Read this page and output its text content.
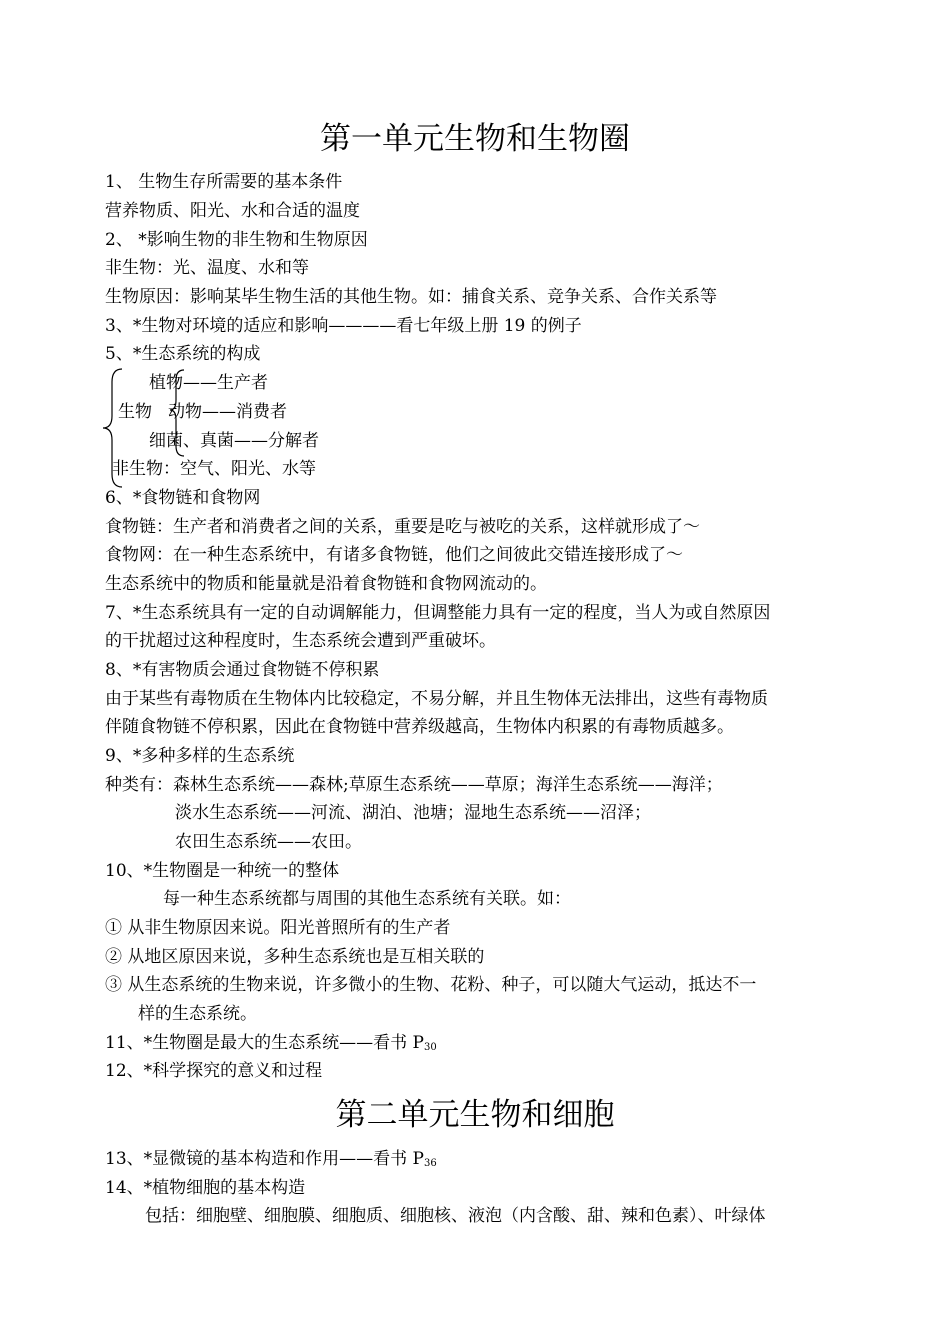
第一单元生物和生物圈
1、 生物生存所需要的基本条件
营养物质、阳光、水和合适的温度
2、 *影响生物的非生物和生物原因
非生物：光、温度、水和等
生物原因：影响某毕生物生活的其他生物。如：捕食关系、竞争关系、合作关系等
3、*生物对环境的适应和影响————看七年级上册 19 的例子
5、*生态系统的构成
植物——生产者
生物 动物——消费者
细菌、真菌——分解者
非生物：空气、阳光、水等
6、*食物链和食物网
食物链：生产者和消费者之间的关系，重要是吃与被吃的关系，这样就形成了～
食物网：在一种生态系统中，有诸多食物链，他们之间彼此交错连接形成了～
生态系统中的物质和能量就是沿着食物链和食物网流动的。
7、*生态系统具有一定的自动调解能力，但调整能力具有一定的程度，当人为或自然原因
的干扰超过这种程度时，生态系统会遭到严重破坏。
8、*有害物质会通过食物链不停积累
由于某些有毒物质在生物体内比较稳定，不易分解，并且生物体无法排出，这些有毒物质
伴随食物链不停积累，因此在食物链中营养级越高，生物体内积累的有毒物质越多。
9、*多种多样的生态系统
种类有：森林生态系统——森林;草原生态系统——草原；海洋生态系统——海洋；
淡水生态系统——河流、湖泊、池塘；湿地生态系统——沼泽；
农田生态系统——农田。
10、*生物圈是一种统一的整体
每一种生态系统都与周围的其他生态系统有关联。如：
① 从非生物原因来说。阳光普照所有的生产者
② 从地区原因来说，多种生态系统也是互相关联的
③ 从生态系统的生物来说，许多微小的生物、花粉、种子，可以随大气运动，抵达不一
样的生态系统。
11、*生物圈是最大的生态系统——看书 $P_{30}$
12、*科学探究的意义和过程
第二单元生物和细胞
13、*显微镜的基本构造和作用——看书 $P_{36}$
14、*植物细胞的基本构造
包括：细胞壁、细胞膜、细胞质、细胞核、液泡（内含酸、甜、辣和色素）、叶绿体
